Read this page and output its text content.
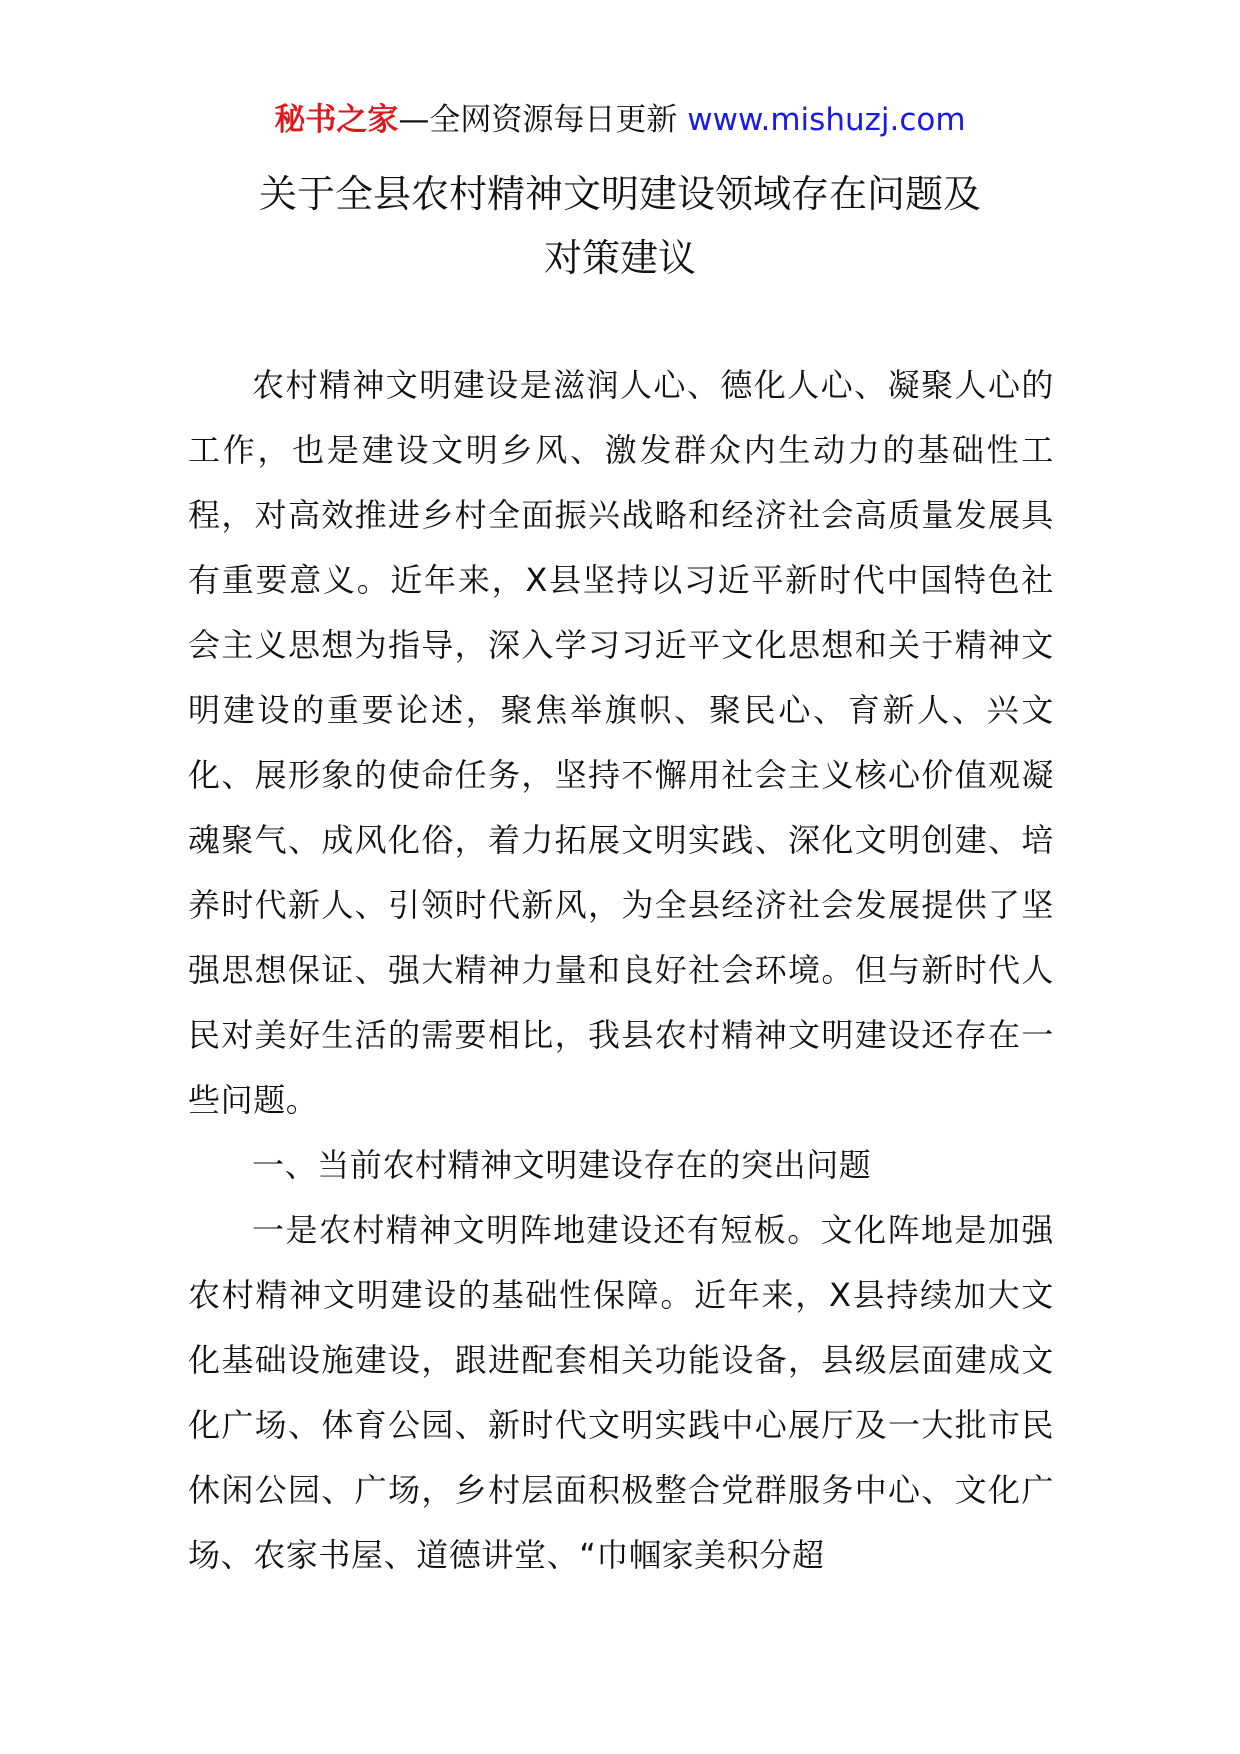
秘书之家—全网资源每日更新 www.mishuzj.com
关于全县农村精神文明建设领域存在问题及
对策建议

农村精神文明建设是滋润人心、德化人心、凝聚人心的工作，也是建设文明乡风、激发群众内生动力的基础性工程，对高效推进乡村全面振兴战略和经济社会高质量发展具有重要意义。近年来，X县坚持以习近平新时代中国特色社会主义思想为指导，深入学习习近平文化思想和关于精神文明建设的重要论述，聚焦举旗帜、聚民心、育新人、兴文化、展形象的使命任务，坚持不懈用社会主义核心价值观凝魂聚气、成风化俗，着力拓展文明实践、深化文明创建、培养时代新人、引领时代新风，为全县经济社会发展提供了坚强思想保证、强大精神力量和良好社会环境。但与新时代人民对美好生活的需要相比，我县农村精神文明建设还存在一些问题。

一、当前农村精神文明建设存在的突出问题

一是农村精神文明阵地建设还有短板。文化阵地是加强农村精神文明建设的基础性保障。近年来，X县持续加大文化基础设施建设，跟进配套相关功能设备，县级层面建成文化广场、体育公园、新时代文明实践中心展厅及一大批市民休闲公园、广场，乡村层面积极整合党群服务中心、文化广场、农家书屋、道德讲堂、“巾帼家美积分超
